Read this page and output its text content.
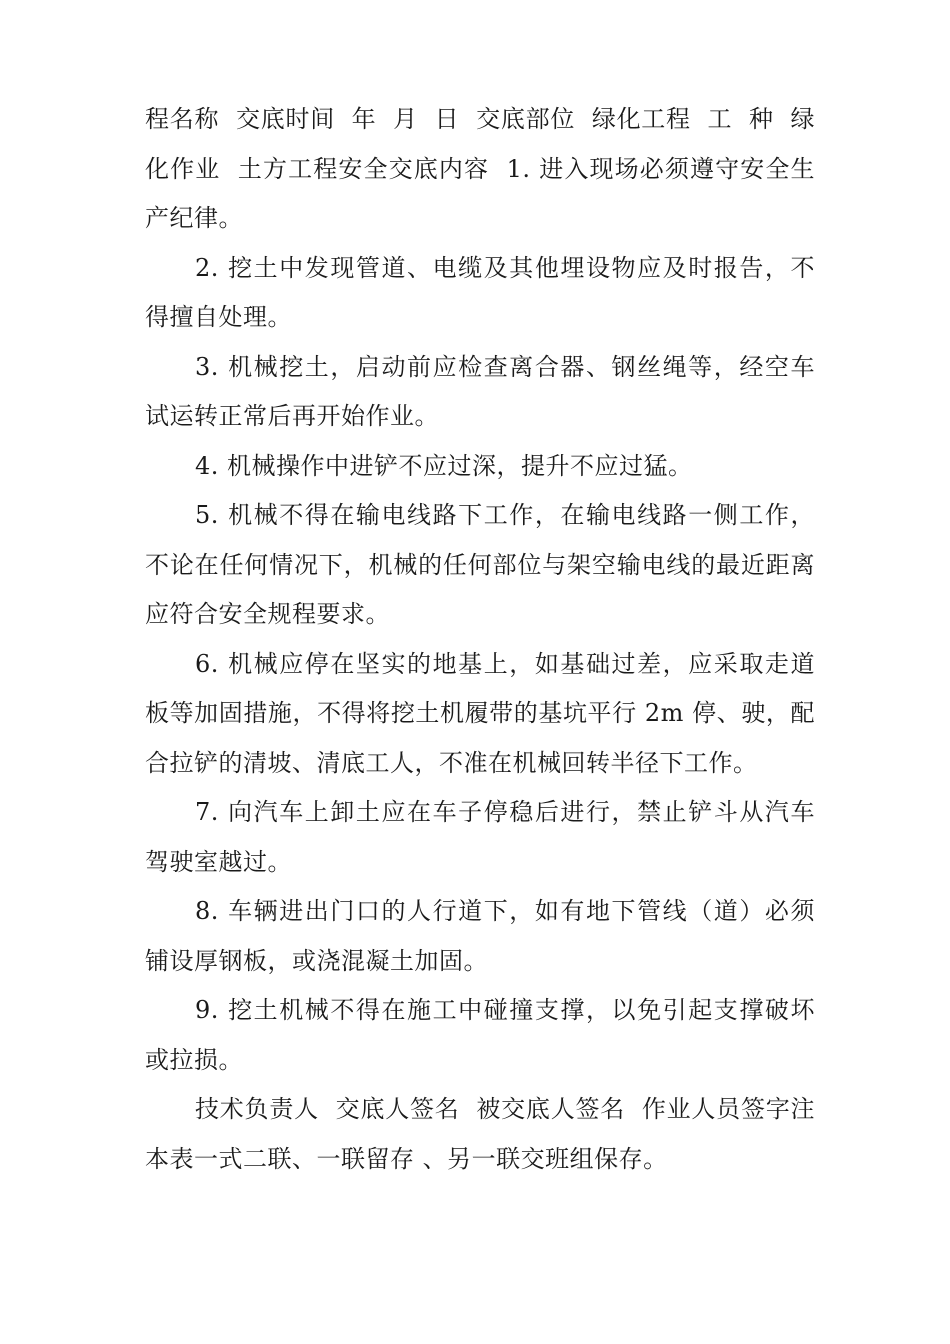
程名称  交底时间  年  月  日  交底部位  绿化工程  工  种  绿化作业  土方工程安全交底内容  1. 进入现场必须遵守安全生产纪律。

2. 挖土中发现管道、电缆及其他埋设物应及时报告，不得擅自处理。

3. 机械挖土，启动前应检查离合器、钢丝绳等，经空车试运转正常后再开始作业。

4. 机械操作中进铲不应过深，提升不应过猛。

5. 机械不得在输电线路下工作，在输电线路一侧工作，不论在任何情况下，机械的任何部位与架空输电线的最近距离应符合安全规程要求。

6. 机械应停在坚实的地基上，如基础过差，应采取走道板等加固措施，不得将挖土机履带的基坑平行 2m 停、驶，配合拉铲的清坡、清底工人，不准在机械回转半径下工作。

7. 向汽车上卸土应在车子停稳后进行，禁止铲斗从汽车驾驶室越过。

8. 车辆进出门口的人行道下，如有地下管线（道）必须铺设厚钢板，或浇混凝土加固。

9. 挖土机械不得在施工中碰撞支撑，以免引起支撑破坏或拉损。

技术负责人  交底人签名  被交底人签名  作业人员签字注本表一式二联、一联留存 、另一联交班组保存。
